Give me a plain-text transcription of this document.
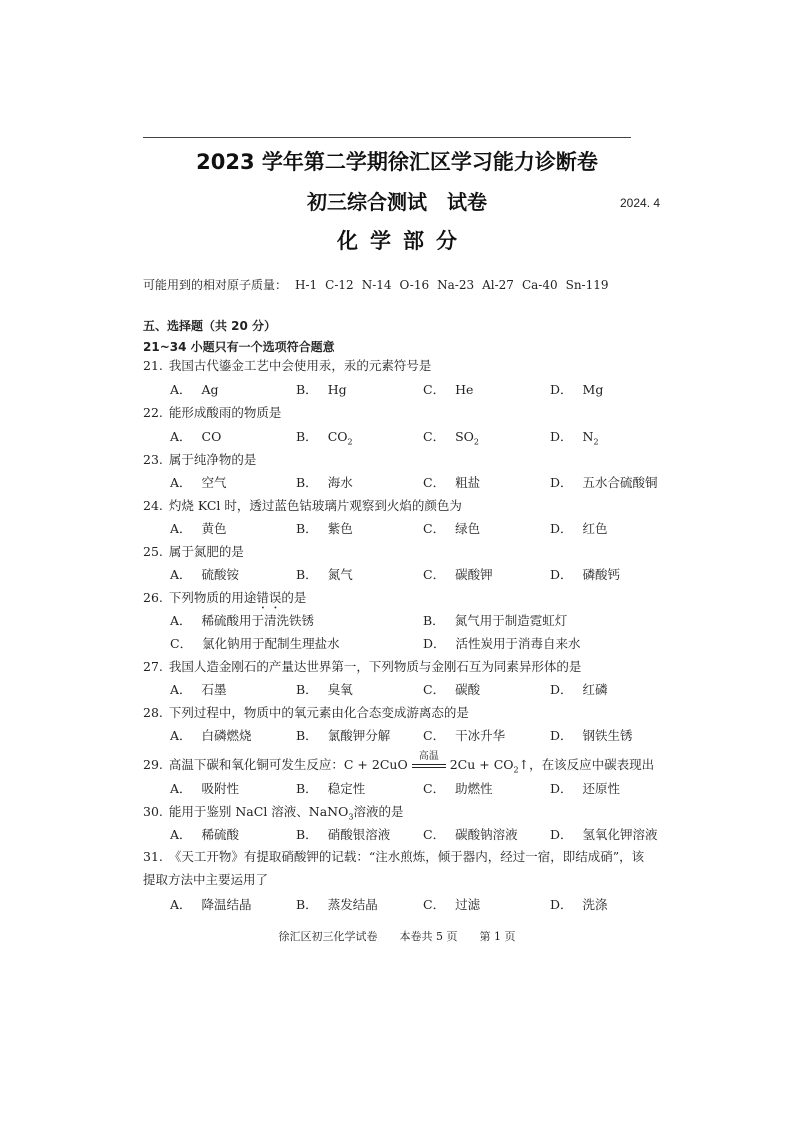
2023 学年第二学期徐汇区学习能力诊断卷
初三综合测试　试卷	2024. 4
化学部分
可能用到的相对原子质量： H-1 C-12 N-14 O-16 Na-23 Al-27 Ca-40 Sn-119
五、选择题（共 20 分）
21~34 小题只有一个选项符合题意
21. 我国古代鎏金工艺中会使用汞，汞的元素符号是
A． Ag	B． Hg	C． He	D． Mg
22. 能形成酸雨的物质是
A． CO	B． $CO_2$	C． $SO_2$	D． $N_2$
23. 属于纯净物的是
A． 空气	B． 海水	C． 粗盐	D． 五水合硫酸铜
24. 灼烧 KCl 时，透过蓝色钴玻璃片观察到火焰的颜色为
A． 黄色	B． 紫色	C． 绿色	D． 红色
25. 属于氮肥的是
A． 硫酸铵	B． 氮气	C． 碳酸钾	D． 磷酸钙
26. 下列物质的用途错误的是
A． 稀硫酸用于清洗铁锈	B． 氮气用于制造霓虹灯
C． 氯化钠用于配制生理盐水	D． 活性炭用于消毒自来水
27. 我国人造金刚石的产量达世界第一，下列物质与金刚石互为同素异形体的是
A． 石墨	B． 臭氧	C． 碳酸	D． 红磷
28. 下列过程中，物质中的氧元素由化合态变成游离态的是
A． 白磷燃烧	B． 氯酸钾分解	C． 干冰升华	D． 钢铁生锈
29. 高温下碳和氧化铜可发生反应：C + 2CuO
高温
$2Cu + CO_2↑$，在该反应中碳表现出
A． 吸附性	B． 稳定性	C． 助燃性	D． 还原性
30. 能用于鉴别 NaCl 溶液、NaNO$_3$溶液的是
A． 稀硫酸	B． 硝酸银溶液	C． 碳酸钠溶液	D． 氢氧化钾溶液
31. 《天工开物》有提取硝酸钾的记载：“注水煎炼，倾于器内，经过一宿，即结成硝”，该提取方法中主要运用了
A． 降温结晶	B． 蒸发结晶	C． 过滤	D． 洗涤
徐汇区初三化学试卷　　本卷共 5 页　　第 1 页
